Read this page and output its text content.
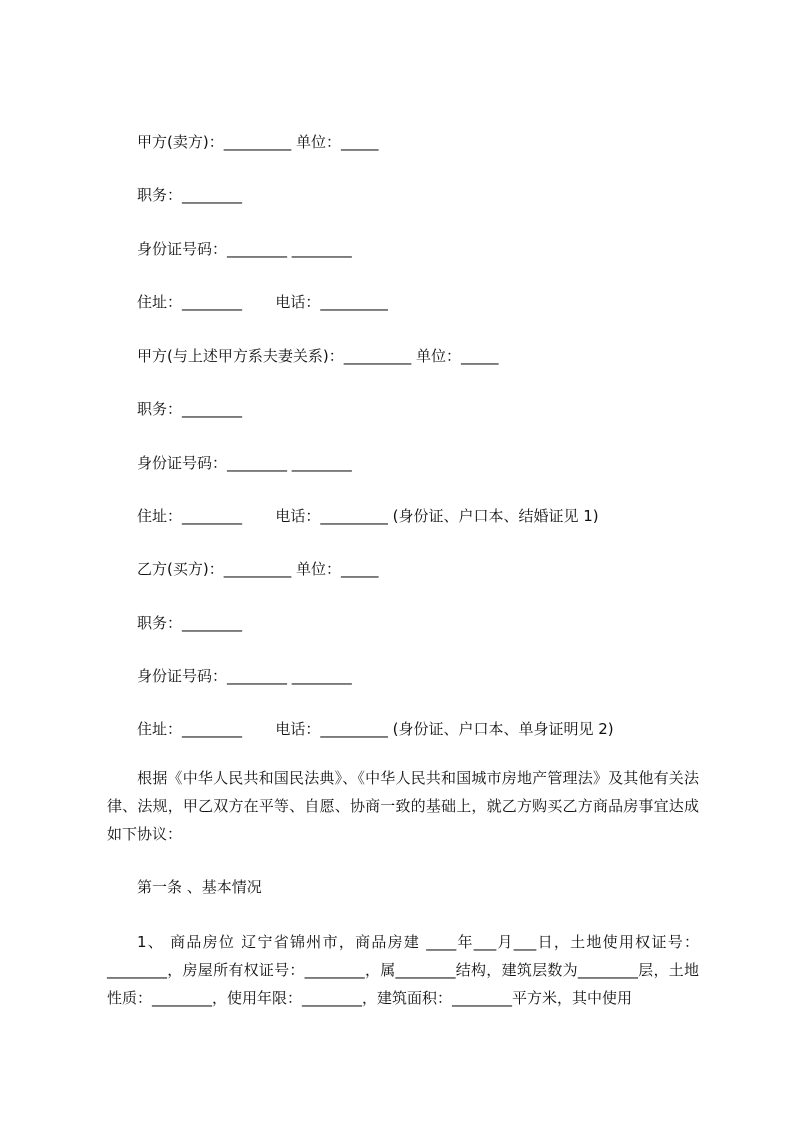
甲方(卖方)：_________ 单位：_____
职务：________
身份证号码：________ ________
住址：________       电话：_________
甲方(与上述甲方系夫妻关系)：_________ 单位：_____
职务：________
身份证号码：________ ________
住址：________       电话：_________ (身份证、户口本、结婚证见 1)
乙方(买方)：_________ 单位：_____
职务：________
身份证号码：________ ________
住址：________       电话：_________ (身份证、户口本、单身证明见 2)
根据《中华人民共和国民法典》、《中华人民共和国城市房地产管理法》及其他有关法律、法规，甲乙双方在平等、自愿、协商一致的基础上，就乙方购买乙方商品房事宜达成如下协议：
第一条 、基本情况
1、 商品房位 辽宁省锦州市，商品房建 ____年___月___日，土地使用权证号：________，房屋所有权证号：________，属________结构，建筑层数为________层，土地性质：________，使用年限：________，建筑面积：________平方米，其中使用
